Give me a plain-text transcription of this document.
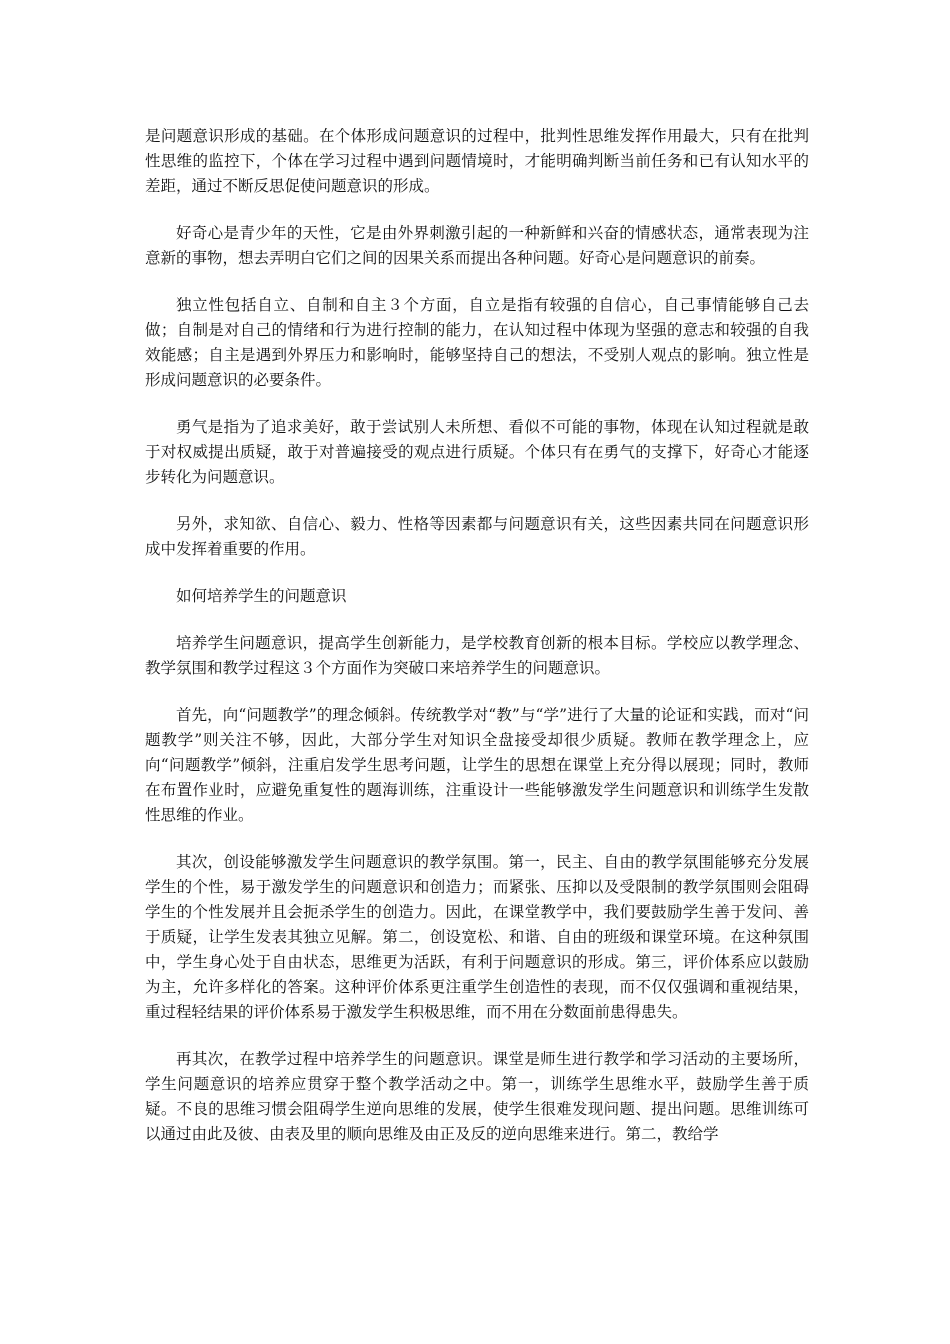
是问题意识形成的基础。在个体形成问题意识的过程中，批判性思维发挥作用最大，只有在批判性思维的监控下，个体在学习过程中遇到问题情境时，才能明确判断当前任务和已有认知水平的差距，通过不断反思促使问题意识的形成。

好奇心是青少年的天性，它是由外界刺激引起的一种新鲜和兴奋的情感状态，通常表现为注意新的事物，想去弄明白它们之间的因果关系而提出各种问题。好奇心是问题意识的前奏。

独立性包括自立、自制和自主３个方面，自立是指有较强的自信心，自己事情能够自己去做；自制是对自己的情绪和行为进行控制的能力，在认知过程中体现为坚强的意志和较强的自我效能感；自主是遇到外界压力和影响时，能够坚持自己的想法，不受别人观点的影响。独立性是形成问题意识的必要条件。

勇气是指为了追求美好，敢于尝试别人未所想、看似不可能的事物，体现在认知过程就是敢于对权威提出质疑，敢于对普遍接受的观点进行质疑。个体只有在勇气的支撑下，好奇心才能逐步转化为问题意识。

另外，求知欲、自信心、毅力、性格等因素都与问题意识有关，这些因素共同在问题意识形成中发挥着重要的作用。

如何培养学生的问题意识

培养学生问题意识，提高学生创新能力，是学校教育创新的根本目标。学校应以教学理念、教学氛围和教学过程这３个方面作为突破口来培养学生的问题意识。

首先，向“问题教学”的理念倾斜。传统教学对“教”与“学”进行了大量的论证和实践，而对“问题教学”则关注不够，因此，大部分学生对知识全盘接受却很少质疑。教师在教学理念上，应向“问题教学”倾斜，注重启发学生思考问题，让学生的思想在课堂上充分得以展现；同时，教师在布置作业时，应避免重复性的题海训练，注重设计一些能够激发学生问题意识和训练学生发散性思维的作业。

其次，创设能够激发学生问题意识的教学氛围。第一，民主、自由的教学氛围能够充分发展学生的个性，易于激发学生的问题意识和创造力；而紧张、压抑以及受限制的教学氛围则会阻碍学生的个性发展并且会扼杀学生的创造力。因此，在课堂教学中，我们要鼓励学生善于发问、善于质疑，让学生发表其独立见解。第二，创设宽松、和谐、自由的班级和课堂环境。在这种氛围中，学生身心处于自由状态，思维更为活跃，有利于问题意识的形成。第三，评价体系应以鼓励为主，允许多样化的答案。这种评价体系更注重学生创造性的表现，而不仅仅强调和重视结果，重过程轻结果的评价体系易于激发学生积极思维，而不用在分数面前患得患失。

再其次，在教学过程中培养学生的问题意识。课堂是师生进行教学和学习活动的主要场所，学生问题意识的培养应贯穿于整个教学活动之中。第一，训练学生思维水平，鼓励学生善于质疑。不良的思维习惯会阻碍学生逆向思维的发展，使学生很难发现问题、提出问题。思维训练可以通过由此及彼、由表及里的顺向思维及由正及反的逆向思维来进行。第二，教给学
